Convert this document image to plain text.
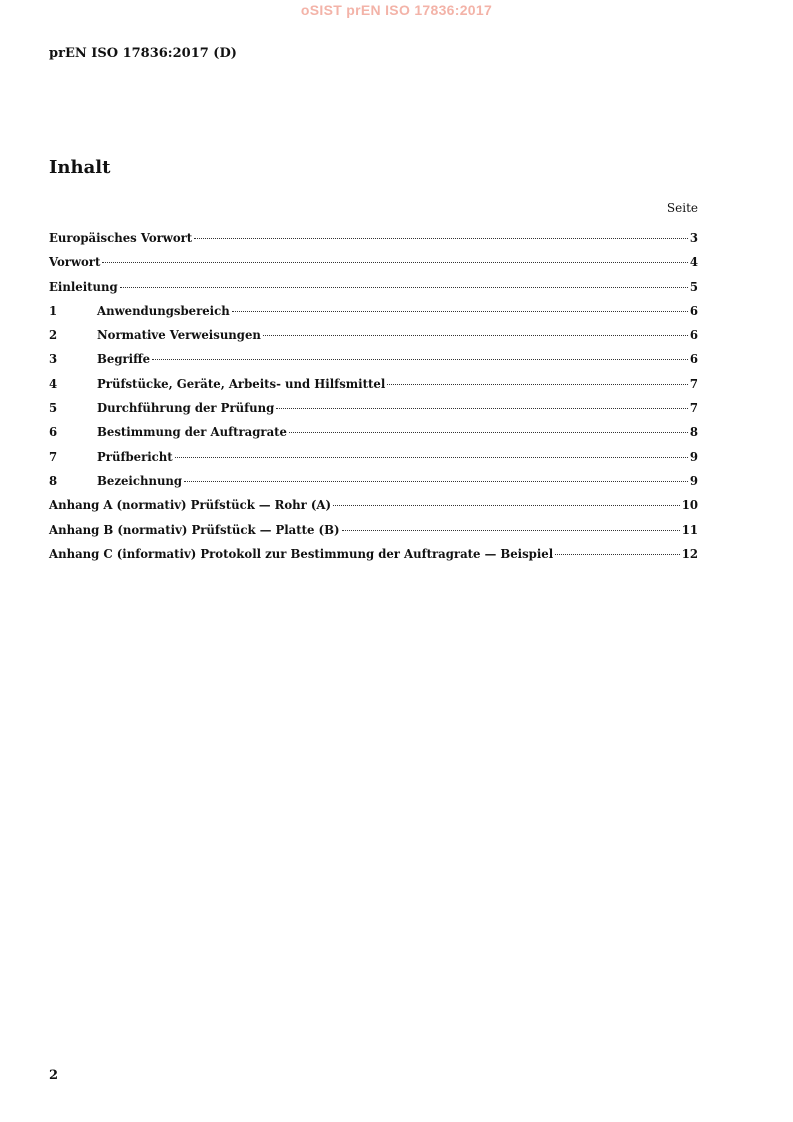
oSIST prEN ISO 17836:2017
prEN ISO 17836:2017 (D)
Inhalt
Seite
Europäisches Vorwort	3
Vorwort	4
Einleitung	5
1	Anwendungsbereich	6
2	Normative Verweisungen	6
3	Begriffe	6
4	Prüfstücke, Geräte, Arbeits- und Hilfsmittel	7
5	Durchführung der Prüfung	7
6	Bestimmung der Auftragrate	8
7	Prüfbericht	9
8	Bezeichnung	9
Anhang A (normativ) Prüfstück — Rohr (A)	10
Anhang B (normativ) Prüfstück — Platte (B)	11
Anhang C (informativ) Protokoll zur Bestimmung der Auftragrate — Beispiel	12
2
